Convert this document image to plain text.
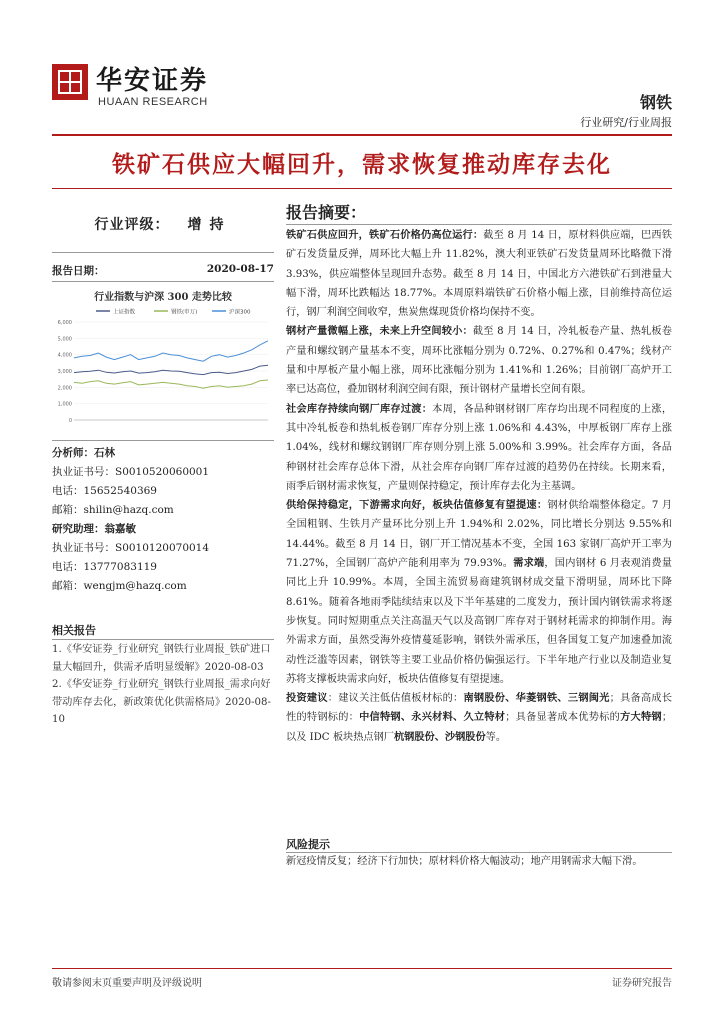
华安证券
HUAAN RESEARCH	钢铁
行业研究/行业周报
铁矿石供应大幅回升，需求恢复推动库存去化
行业评级： 增持
报告日期：	2020-08-17
行业指数与沪深 300 走势比较
上证指数	钢铁(申万)	沪深300
6,000
5,000
4,000
3,000
2,000
1,000
0
分析师：石林
执业证书号：S0010520060001
电话：15652540369
邮箱：shilin@hazq.com
研究助理：翁嘉敏
执业证书号：S0010120070014
电话：13777083119
邮箱：wengjm@hazq.com
相关报告

1.《华安证券_行业研究_钢铁行业周报_铁矿进口量大幅回升，供需矛盾明显缓解》2020-08-03

2.《华安证券_行业研究_钢铁行业周报_需求向好带动库存去化，新政策优化供需格局》2020-08-10

报告摘要：

铁矿石供应回升，铁矿石价格仍高位运行：截至 8 月 14 日，原材料供应端，巴西铁矿石发货量反弹，周环比大幅上升 11.82%，澳大利亚铁矿石发货量周环比略微下滑 3.93%，供应端整体呈现回升态势。截至 8 月 14 日，中国北方六港铁矿石到港量大幅下滑，周环比跌幅达 18.77%。本周原料端铁矿石价格小幅上涨，目前维持高位运行，钢厂利润空间收窄，焦炭焦煤现货价格均保持不变。

钢材产量微幅上涨，未来上升空间较小：截至 8 月 14 日，冷轧板卷产量、热轧板卷产量和螺纹钢产量基本不变，周环比涨幅分别为 0.72%、0.27%和 0.47%；线材产量和中厚板产量小幅上涨，周环比涨幅分别为 1.41%和 1.26%；目前钢厂高炉开工率已达高位，叠加钢材利润空间有限，预计钢材产量增长空间有限。

社会库存持续向钢厂库存过渡：本周，各品种钢材钢厂库存均出现不同程度的上涨，其中冷轧板卷和热轧板卷钢厂库存分别上涨 1.06%和 4.43%，中厚板钢厂库存上涨 1.04%，线材和螺纹钢钢厂库存则分别上涨 5.00%和 3.99%。社会库存方面，各品种钢材社会库存总体下滑，从社会库存向钢厂库存过渡的趋势仍在持续。长期来看，雨季后钢材需求恢复，产量则保持稳定，预计库存去化为主基调。

供给保持稳定，下游需求向好，板块估值修复有望提速：钢材供给端整体稳定。7 月全国粗钢、生铁月产量环比分别上升 1.94%和 2.02%，同比增长分别达 9.55%和 14.44%。截至 8 月 14 日，钢厂开工情况基本不变，全国 163 家钢厂高炉开工率为 71.27%，全国钢厂高炉产能利用率为 79.93%。需求端，国内钢材 6 月表观消费量同比上升 10.99%。本周，全国主流贸易商建筑钢材成交量下滑明显，周环比下降 8.61%。随着各地雨季陆续结束以及下半年基建的二度发力，预计国内钢铁需求将逐步恢复。同时短期重点关注高温天气以及高钢厂库存对于钢材耗需求的抑制作用。海外需求方面，虽然受海外疫情蔓延影响，钢铁外需承压，但各国复工复产加速叠加流动性泛滥等因素，钢铁等主要工业品价格仍偏强运行。下半年地产行业以及制造业复苏将支撑板块需求向好，板块估值修复有望提速。

投资建议：建议关注低估值板材标的：南钢股份、华菱钢铁、三钢闽光；具备高成长性的特钢标的：中信特钢、永兴材料、久立特材；具备显著成本优势标的方大特钢；以及 IDC 板块热点钢厂杭钢股份、沙钢股份等。

风险提示
新冠疫情反复；经济下行加快；原材料价格大幅波动；地产用钢需求大幅下滑。
敬请参阅末页重要声明及评级说明	证券研究报告
